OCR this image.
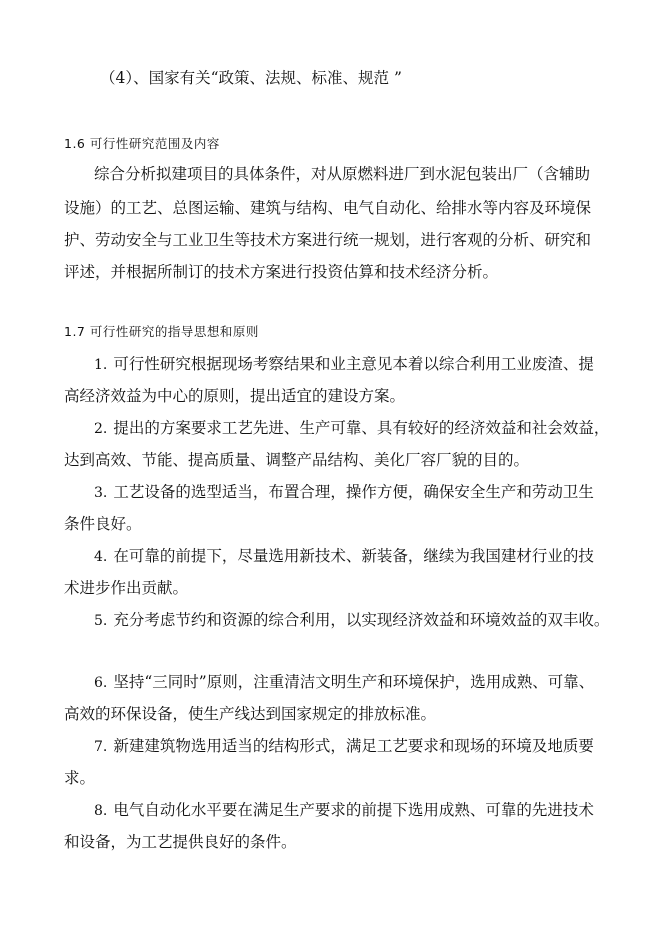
（4）、国家有关“政策、法规、标准、规范 ”
1.6 可行性研究范围及内容
综合分析拟建项目的具体条件，对从原燃料进厂到水泥包装出厂（含辅助
设施）的工艺、总图运输、建筑与结构、电气自动化、给排水等内容及环境保
护、劳动安全与工业卫生等技术方案进行统一规划，进行客观的分析、研究和
评述，并根据所制订的技术方案进行投资估算和技术经济分析。
1.7 可行性研究的指导思想和原则
1. 可行性研究根据现场考察结果和业主意见本着以综合利用工业废渣、提
高经济效益为中心的原则，提出适宜的建设方案。
2. 提出的方案要求工艺先进、生产可靠、具有较好的经济效益和社会效益，
达到高效、节能、提高质量、调整产品结构、美化厂容厂貌的目的。
3. 工艺设备的选型适当，布置合理，操作方便，确保安全生产和劳动卫生
条件良好。
4. 在可靠的前提下，尽量选用新技术、新装备，继续为我国建材行业的技
术进步作出贡献。
5. 充分考虑节约和资源的综合利用，以实现经济效益和环境效益的双丰收。
6. 坚持“三同时”原则，注重清洁文明生产和环境保护，选用成熟、可靠、
高效的环保设备，使生产线达到国家规定的排放标准。
7. 新建建筑物选用适当的结构形式，满足工艺要求和现场的环境及地质要
求。
8. 电气自动化水平要在满足生产要求的前提下选用成熟、可靠的先进技术
和设备，为工艺提供良好的条件。
